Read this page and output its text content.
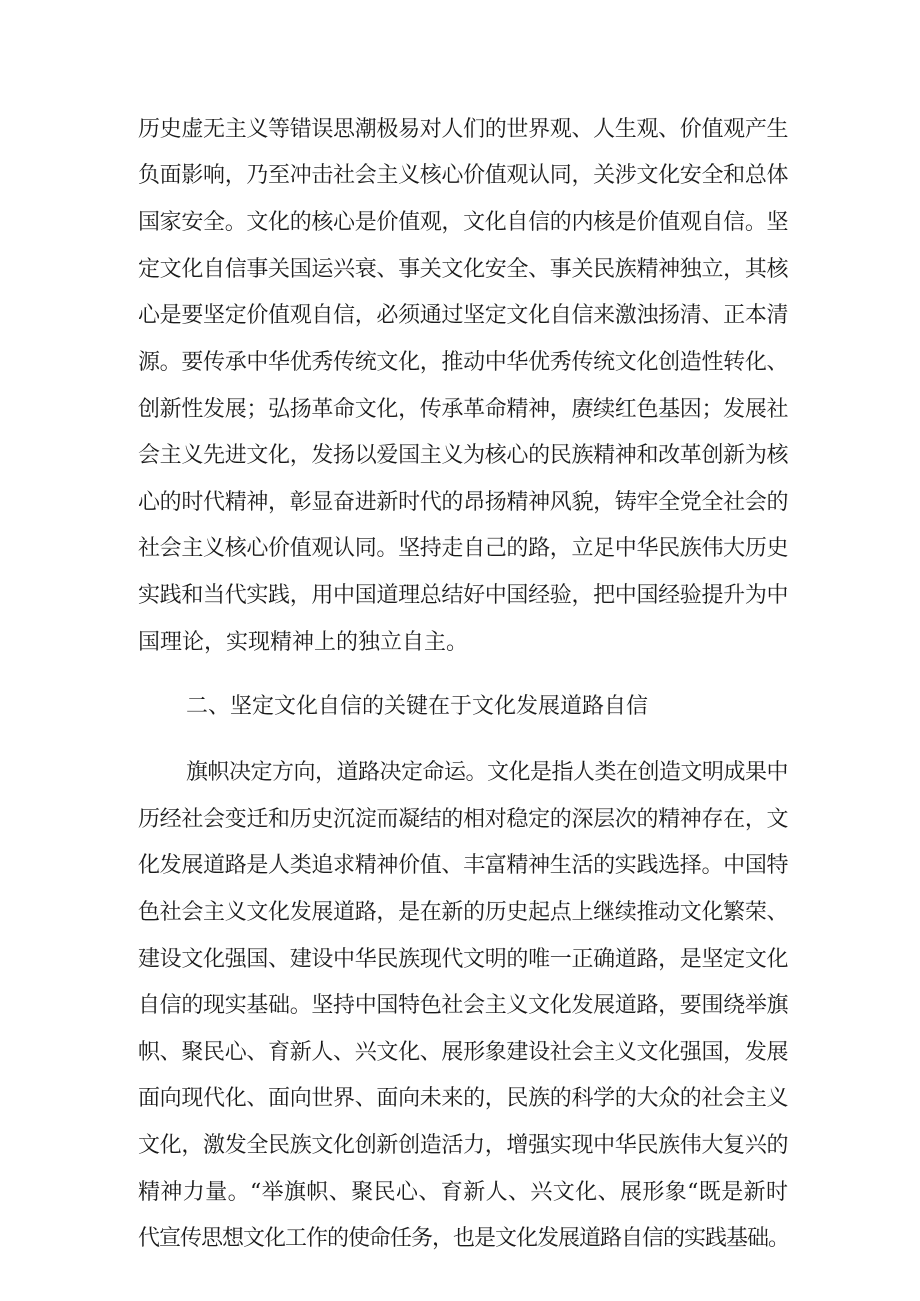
历史虚无主义等错误思潮极易对人们的世界观、人生观、价值观产生
负面影响，乃至冲击社会主义核心价值观认同，关涉文化安全和总体
国家安全。文化的核心是价值观，文化自信的内核是价值观自信。坚
定文化自信事关国运兴衰、事关文化安全、事关民族精神独立，其核
心是要坚定价值观自信，必须通过坚定文化自信来激浊扬清、正本清
源。要传承中华优秀传统文化，推动中华优秀传统文化创造性转化、
创新性发展；弘扬革命文化，传承革命精神，赓续红色基因；发展社
会主义先进文化，发扬以爱国主义为核心的民族精神和改革创新为核
心的时代精神，彰显奋进新时代的昂扬精神风貌，铸牢全党全社会的
社会主义核心价值观认同。坚持走自己的路，立足中华民族伟大历史
实践和当代实践，用中国道理总结好中国经验，把中国经验提升为中
国理论，实现精神上的独立自主。
二、坚定文化自信的关键在于文化发展道路自信
旗帜决定方向，道路决定命运。文化是指人类在创造文明成果中
历经社会变迁和历史沉淀而凝结的相对稳定的深层次的精神存在，文
化发展道路是人类追求精神价值、丰富精神生活的实践选择。中国特
色社会主义文化发展道路，是在新的历史起点上继续推动文化繁荣、
建设文化强国、建设中华民族现代文明的唯一正确道路，是坚定文化
自信的现实基础。坚持中国特色社会主义文化发展道路，要围绕举旗
帜、聚民心、育新人、兴文化、展形象建设社会主义文化强国，发展
面向现代化、面向世界、面向未来的，民族的科学的大众的社会主义
文化，激发全民族文化创新创造活力，增强实现中华民族伟大复兴的
精神力量。“举旗帜、聚民心、育新人、兴文化、展形象“既是新时
代宣传思想文化工作的使命任务，也是文化发展道路自信的实践基础。
